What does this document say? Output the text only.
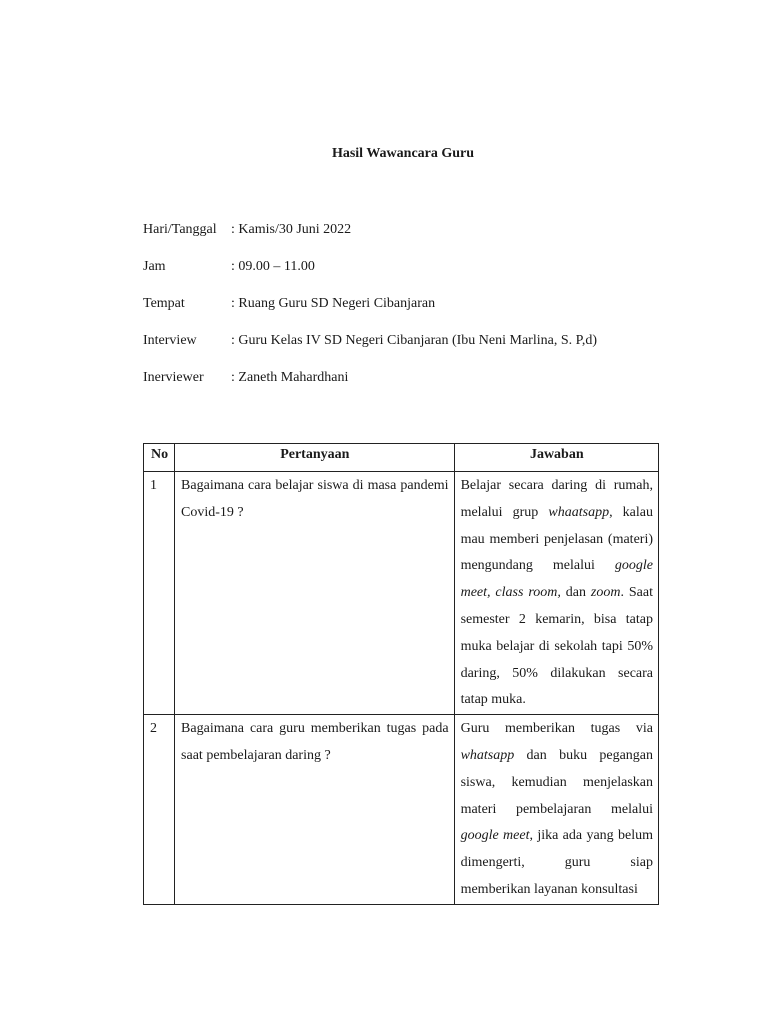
Hasil Wawancara Guru
Hari/Tanggal : Kamis/30 Juni 2022
Jam	: 09.00 – 11.00
Tempat	: Ruang Guru SD Negeri Cibanjaran
Interview : Guru Kelas IV SD Negeri Cibanjaran (Ibu Neni Marlina, S. P,d)
Inerviewer : Zaneth Mahardhani
No	Pertanyaan	Jawaban
1	Bagaimana cara belajar siswa di masa pandemi Covid-19 ?	Belajar secara daring di rumah, melalui grup whaatsapp, kalau mau memberi penjelasan (materi) mengundang melalui google meet, class room, dan zoom. Saat semester 2 kemarin, bisa tatap muka belajar di sekolah tapi 50% daring, 50% dilakukan secara tatap muka.
2	Bagaimana cara guru memberikan tugas pada saat pembelajaran daring ?	Guru memberikan tugas via whatsapp dan buku pegangan siswa, kemudian menjelaskan materi pembelajaran melalui google meet, jika ada yang belum dimengerti, guru siap memberikan layanan konsultasi
